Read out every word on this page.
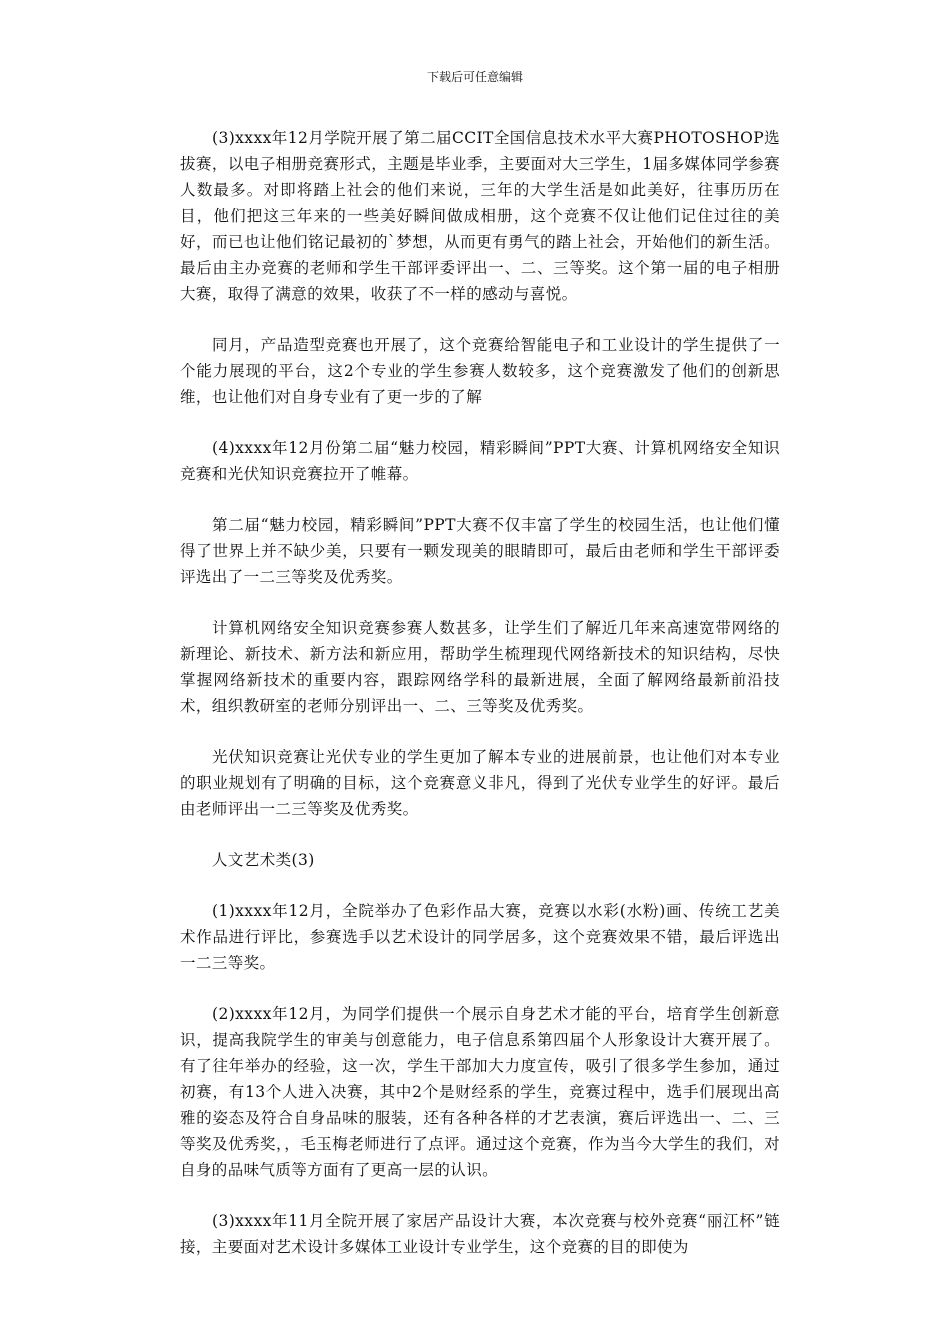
下载后可任意编辑

(3)xxxx年12月学院开展了第二届CCIT全国信息技术水平大赛PHOTOSHOP选拔赛，以电子相册竞赛形式，主题是毕业季，主要面对大三学生，1届多媒体同学参赛人数最多。对即将踏上社会的他们来说，三年的大学生活是如此美好，往事历历在目，他们把这三年来的一些美好瞬间做成相册，这个竞赛不仅让他们记住过往的美好，而已也让他们铭记最初的`梦想，从而更有勇气的踏上社会，开始他们的新生活。最后由主办竞赛的老师和学生干部评委评出一、二、三等奖。这个第一届的电子相册大赛，取得了满意的效果，收获了不一样的感动与喜悦。

同月，产品造型竞赛也开展了，这个竞赛给智能电子和工业设计的学生提供了一个能力展现的平台，这2个专业的学生参赛人数较多，这个竞赛激发了他们的创新思维，也让他们对自身专业有了更一步的了解

(4)xxxx年12月份第二届“魅力校园，精彩瞬间”PPT大赛、计算机网络安全知识竞赛和光伏知识竞赛拉开了帷幕。

第二届“魅力校园，精彩瞬间”PPT大赛不仅丰富了学生的校园生活，也让他们懂得了世界上并不缺少美，只要有一颗发现美的眼睛即可，最后由老师和学生干部评委评选出了一二三等奖及优秀奖。

计算机网络安全知识竞赛参赛人数甚多，让学生们了解近几年来高速宽带网络的新理论、新技术、新方法和新应用，帮助学生梳理现代网络新技术的知识结构，尽快掌握网络新技术的重要内容，跟踪网络学科的最新进展，全面了解网络最新前沿技术，组织教研室的老师分别评出一、二、三等奖及优秀奖。

光伏知识竞赛让光伏专业的学生更加了解本专业的进展前景，也让他们对本专业的职业规划有了明确的目标，这个竞赛意义非凡，得到了光伏专业学生的好评。最后由老师评出一二三等奖及优秀奖。

人文艺术类(3)

(1)xxxx年12月，全院举办了色彩作品大赛，竞赛以水彩(水粉)画、传统工艺美术作品进行评比，参赛选手以艺术设计的同学居多，这个竞赛效果不错，最后评选出一二三等奖。

(2)xxxx年12月，为同学们提供一个展示自身艺术才能的平台，培育学生创新意识，提高我院学生的审美与创意能力，电子信息系第四届个人形象设计大赛开展了。有了往年举办的经验，这一次，学生干部加大力度宣传，吸引了很多学生参加，通过初赛，有13个人进入决赛，其中2个是财经系的学生，竞赛过程中，选手们展现出高雅的姿态及符合自身品味的服装，还有各种各样的才艺表演，赛后评选出一、二、三等奖及优秀奖，，毛玉梅老师进行了点评。通过这个竞赛，作为当今大学生的我们，对自身的品味气质等方面有了更高一层的认识。

(3)xxxx年11月全院开展了家居产品设计大赛，本次竞赛与校外竞赛“丽江杯”链接，主要面对艺术设计多媒体工业设计专业学生，这个竞赛的目的即使为
